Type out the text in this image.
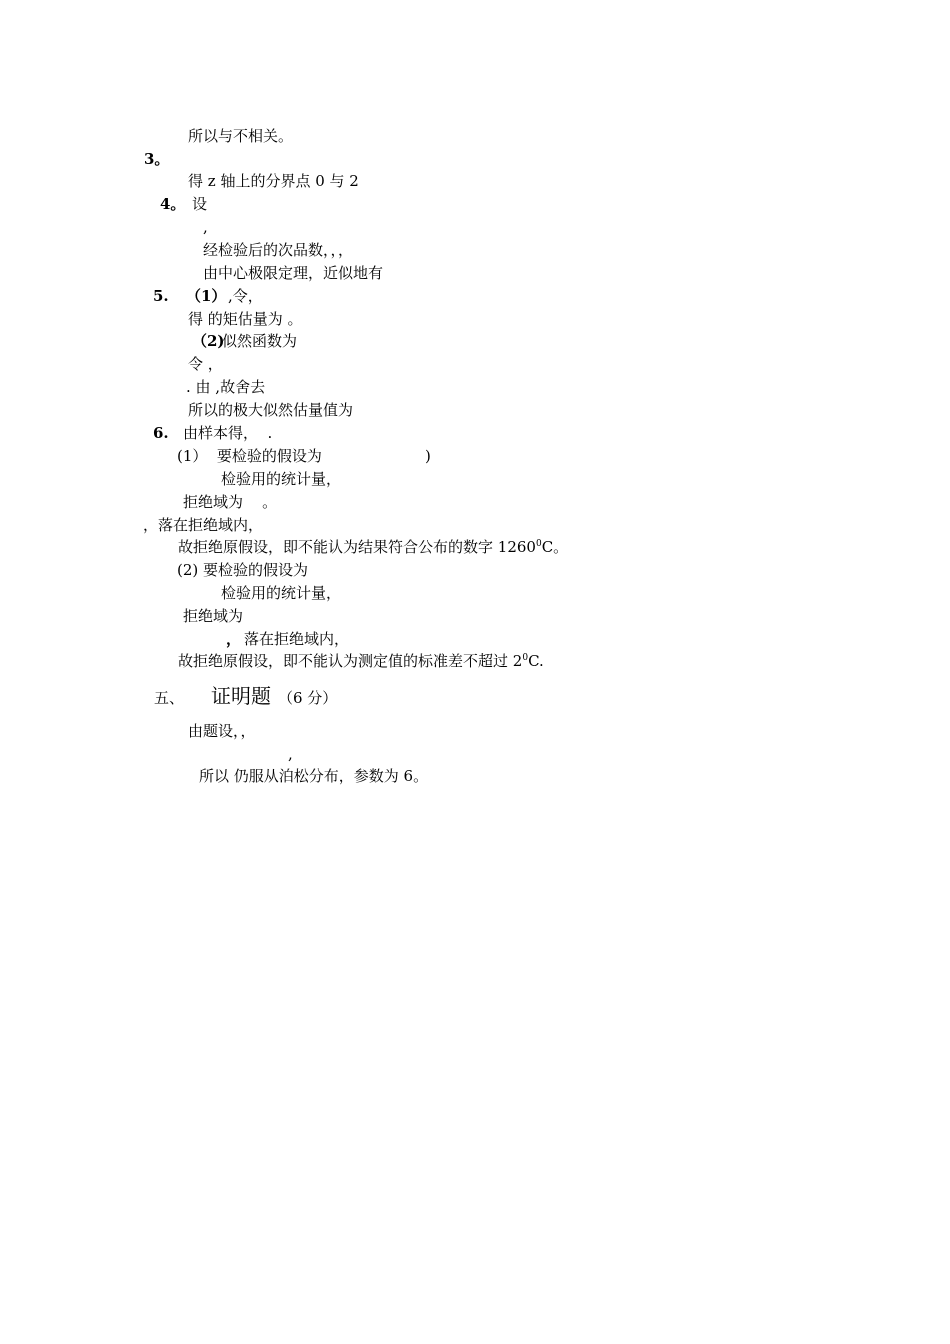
所以与不相关。
3。
得 z 轴上的分界点 0 与 2
4。 设
,
经检验后的次品数，，，
由中心极限定理，近似地有
5. （1） ,令，
得 的矩估量为 。
（2)
似然函数为
令 ，
. 由 ,故舍去
所以的极大似然估量值为
6. 由样本得，  .
(1）  要检验的假设为	)
检验用的统计量，
拒绝域为    。
，落在拒绝域内，
故拒绝原假设，即不能认为结果符合公布的数字 1260$^0$C。
(2) 要检验的假设为
检验用的统计量，
拒绝域为
， 落在拒绝域内，
故拒绝原假设，即不能认为测定值的标准差不超过 $2^0C$.
五、 证明题 （6 分）
由题设，，
,
所以 仍服从泊松分布，参数为 6。
